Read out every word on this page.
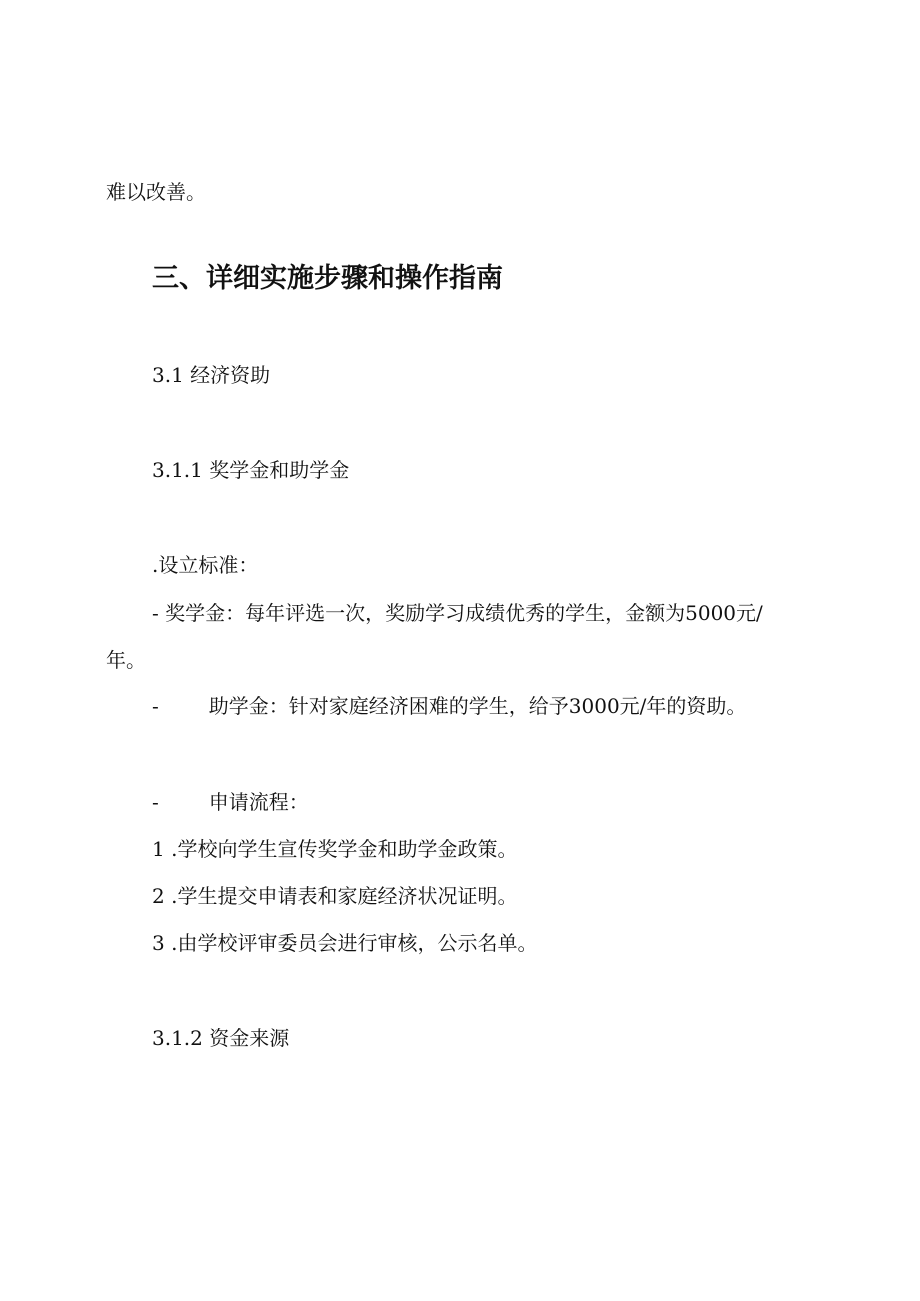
难以改善。
三、详细实施步骤和操作指南
3.1 经济资助
3.1.1 奖学金和助学金
.设立标准：
- 奖学金：每年评选一次，奖励学习成绩优秀的学生，金额为5000元/
年。
-	助学金：针对家庭经济困难的学生，给予3000元/年的资助。
-	申请流程：
1 .学校向学生宣传奖学金和助学金政策。
2 .学生提交申请表和家庭经济状况证明。
3 .由学校评审委员会进行审核，公示名单。
3.1.2 资金来源
